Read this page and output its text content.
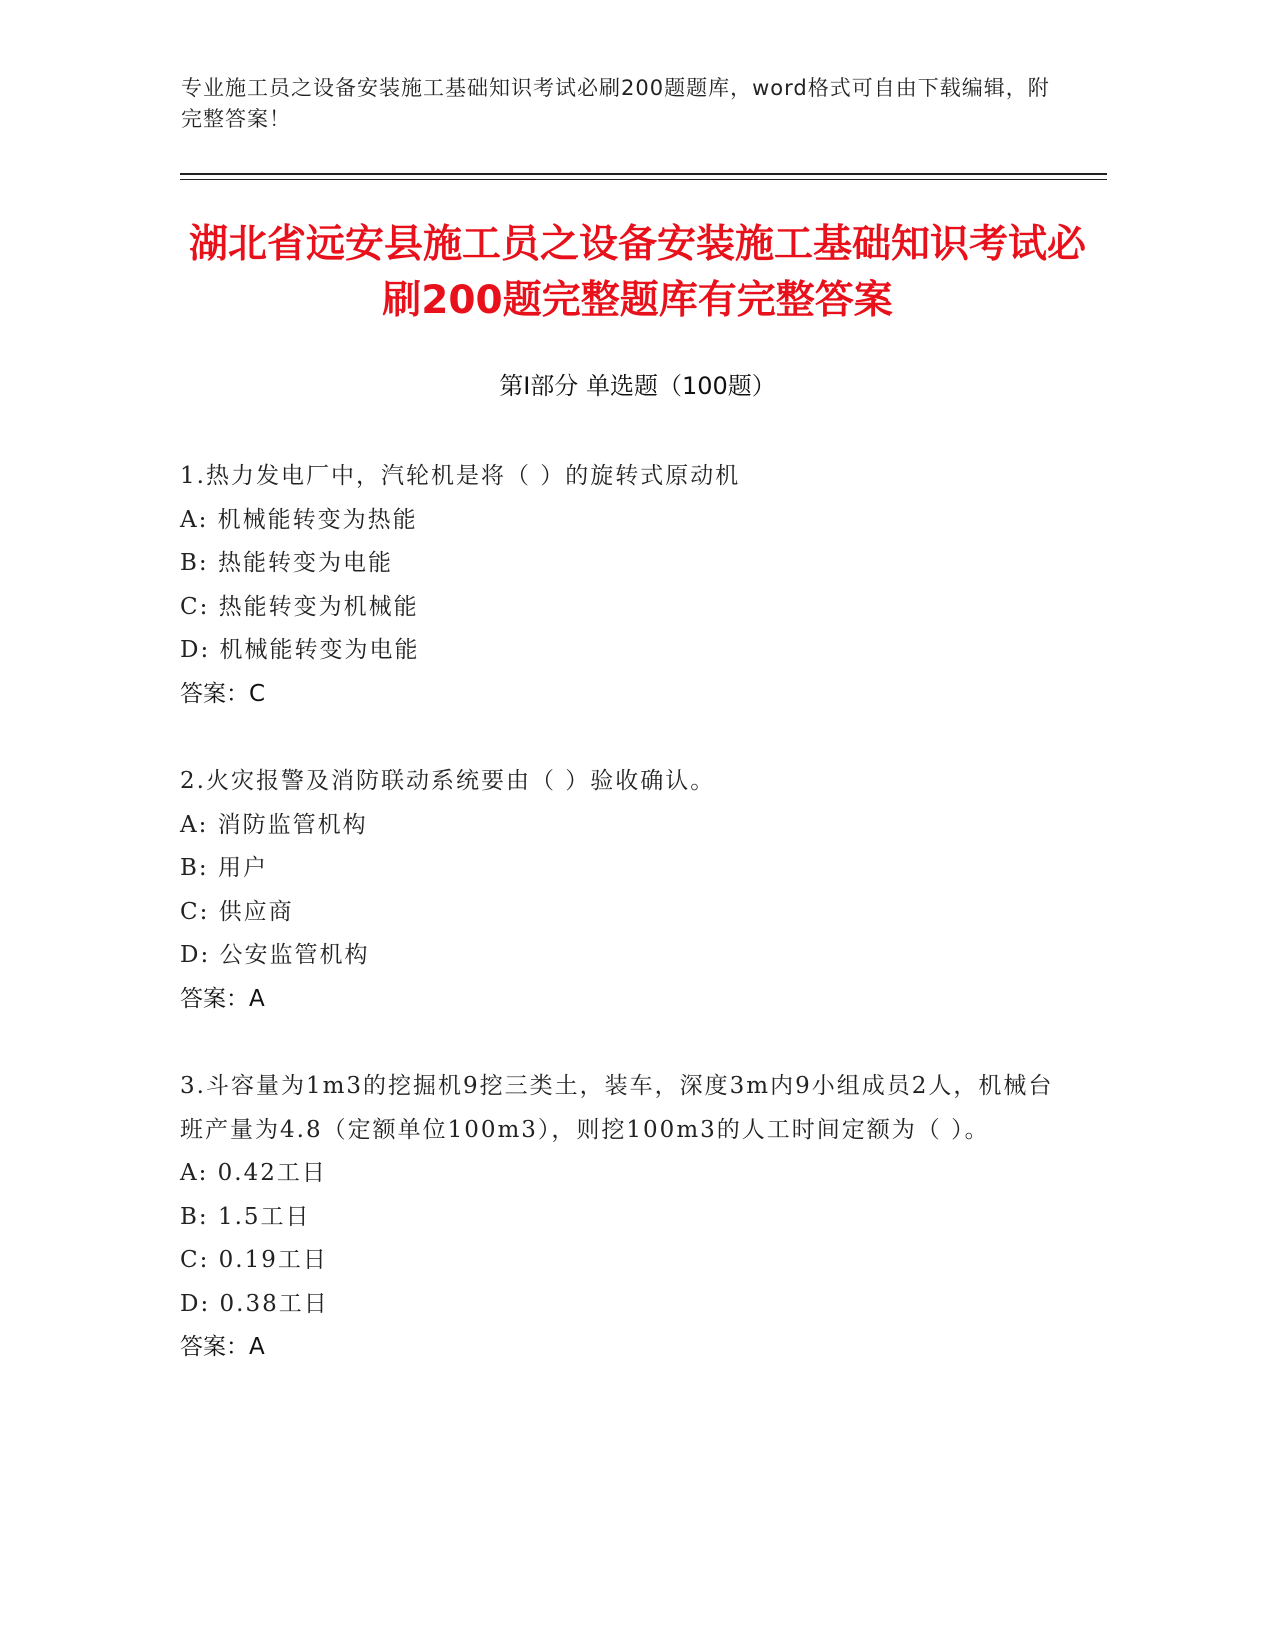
专业施工员之设备安装施工基础知识考试必刷200题题库，word格式可自由下载编辑，附完整答案！
湖北省远安县施工员之设备安装施工基础知识考试必刷200题完整题库有完整答案
第Ⅰ部分 单选题（100题）
1.热力发电厂中，汽轮机是将（ ）的旋转式原动机
A: 机械能转变为热能
B: 热能转变为电能
C: 热能转变为机械能
D: 机械能转变为电能
答案：C
2.火灾报警及消防联动系统要由（ ）验收确认。
A: 消防监管机构
B: 用户
C: 供应商
D: 公安监管机构
答案：A
3.斗容量为1m3的挖掘机9挖三类土，装车，深度3m内9小组成员2人，机械台班产量为4.8（定额单位100m3），则挖100m3的人工时间定额为（ ）。
A: 0.42工日
B: 1.5工日
C: 0.19工日
D: 0.38工日
答案：A
